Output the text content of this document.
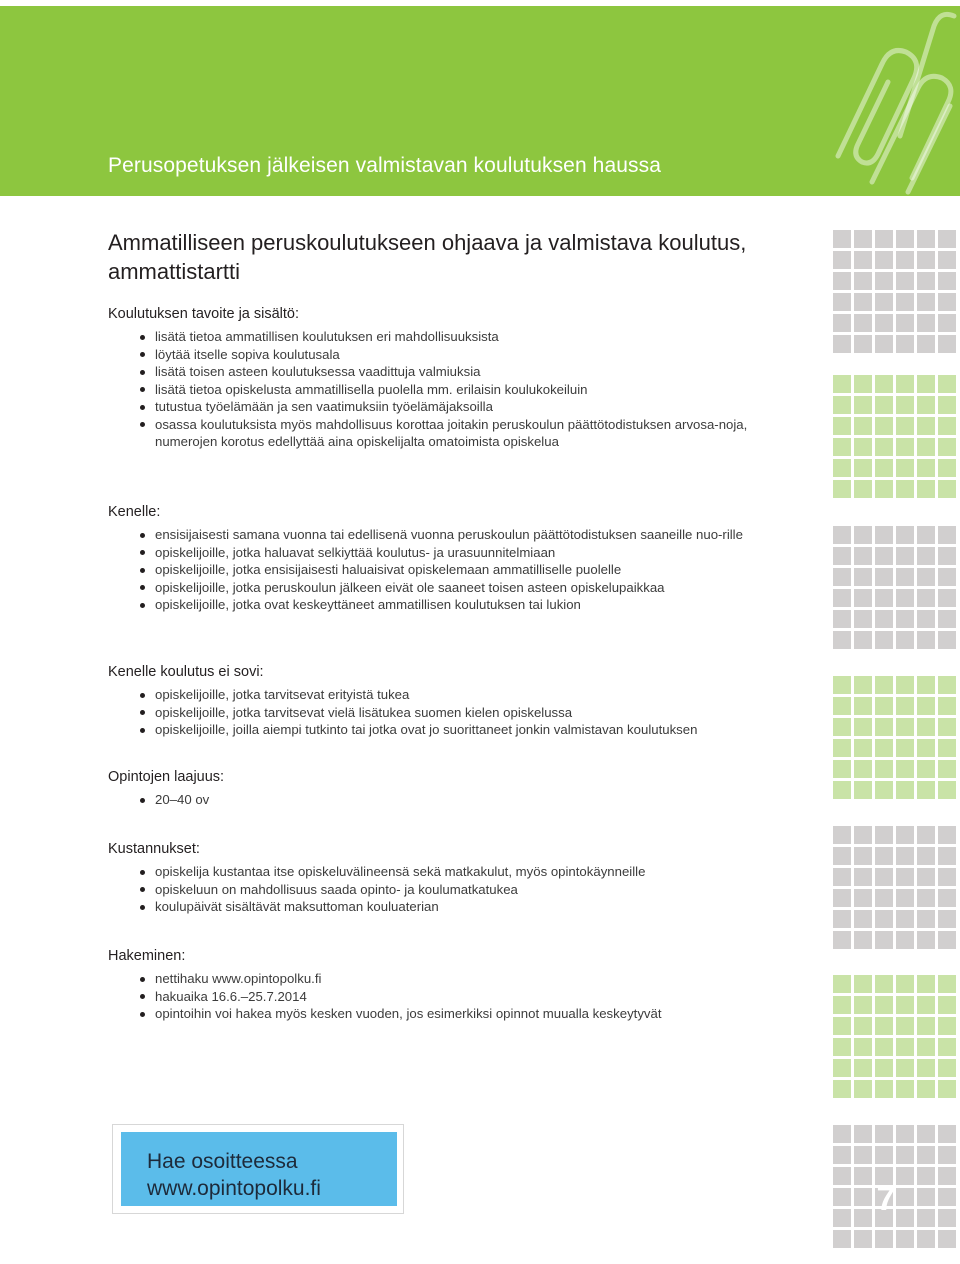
Perusopetuksen jälkeisen valmistavan koulutuksen haussa
Ammatilliseen peruskoulutukseen ohjaava ja valmistava koulutus, ammattistartti
Koulutuksen tavoite ja sisältö:
lisätä tietoa ammatillisen koulutuksen eri mahdollisuuksista
löytää itselle sopiva koulutusala
lisätä toisen asteen koulutuksessa vaadittuja valmiuksia
lisätä tietoa opiskelusta ammatillisella puolella mm. erilaisin koulukokeiluin
tutustua työelämään ja sen vaatimuksiin työelämäjaksoilla
osassa koulutuksista myös mahdollisuus korottaa joitakin peruskoulun päättötodistuksen arvosa-noja, numerojen korotus edellyttää aina opiskelijalta omatoimista opiskelua
Kenelle:
ensisijaisesti samana vuonna tai edellisenä vuonna peruskoulun päättötodistuksen saaneille nuo-rille
opiskelijoille, jotka haluavat selkiyttää koulutus- ja urasuunnitelmiaan
opiskelijoille, jotka ensisijaisesti haluaisivat opiskelemaan ammatilliselle puolelle
opiskelijoille, jotka peruskoulun jälkeen eivät ole saaneet toisen asteen opiskelupaikkaa
opiskelijoille, jotka ovat keskeyttäneet ammatillisen koulutuksen tai lukion
Kenelle koulutus ei sovi:
opiskelijoille, jotka tarvitsevat erityistä tukea
opiskelijoille, jotka tarvitsevat vielä lisätukea suomen kielen opiskelussa
opiskelijoille, joilla aiempi tutkinto tai jotka ovat jo suorittaneet jonkin valmistavan koulutuksen
Opintojen laajuus:
20–40 ov
Kustannukset:
opiskelija kustantaa itse opiskeluvälineensä sekä matkakulut, myös opintokäynneille
opiskeluun on mahdollisuus saada opinto- ja koulumatkatukea
koulupäivät sisältävät maksuttoman kouluaterian
Hakeminen:
nettihaku www.opintopolku.fi
hakuaika 16.6.–25.7.2014
opintoihin voi hakea myös kesken vuoden, jos esimerkiksi opinnot muualla keskeytyvät

Hae osoitteessa
www.opintopolku.fi	7
